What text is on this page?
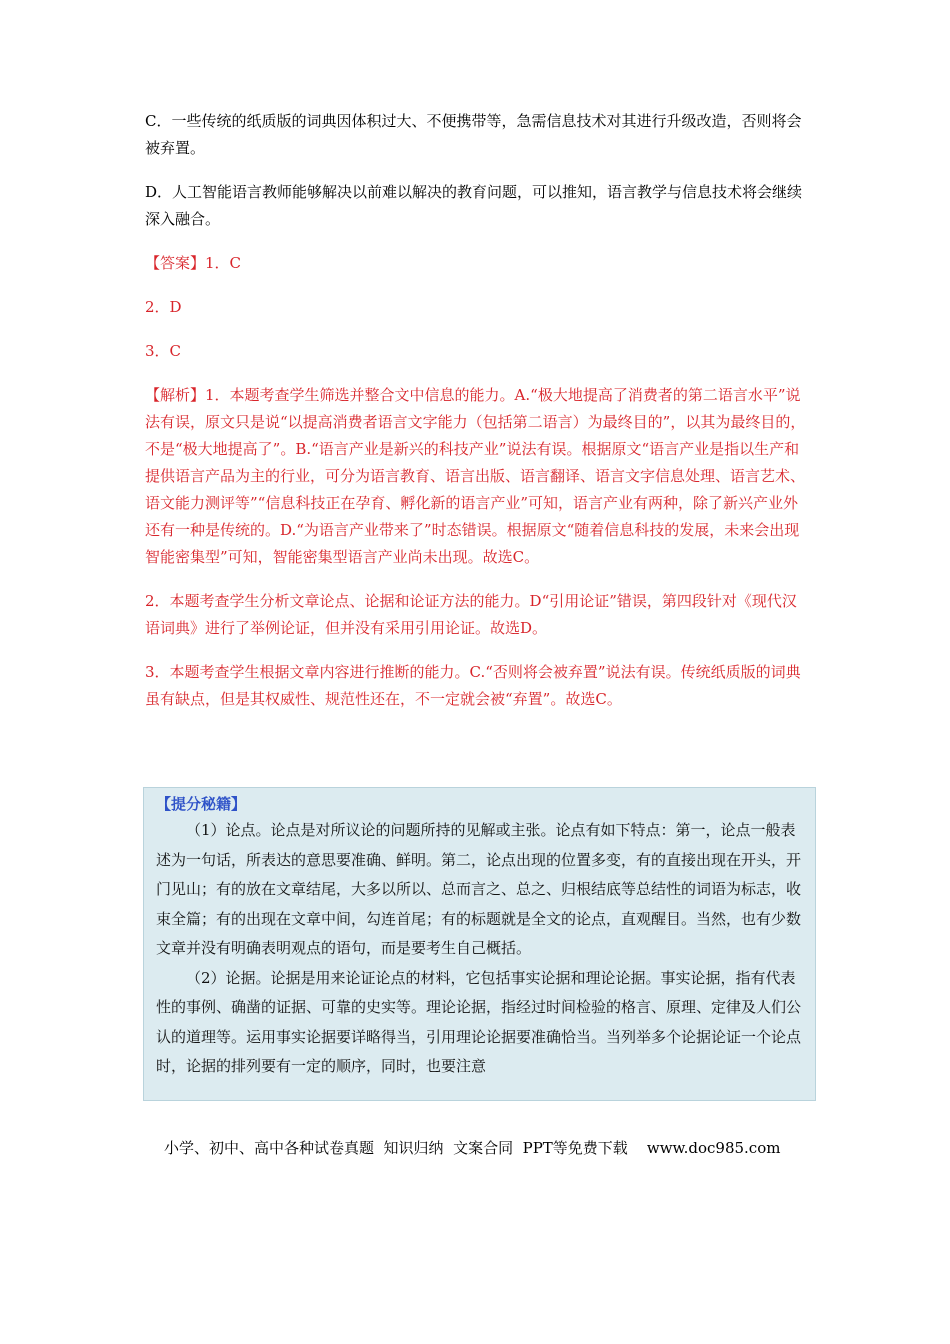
C．一些传统的纸质版的词典因体积过大、不便携带等，急需信息技术对其进行升级改造，否则将会被弃置。

D．人工智能语言教师能够解决以前难以解决的教育问题，可以推知，语言教学与信息技术将会继续深入融合。

【答案】1．C

2．D

3．C

【解析】1．本题考查学生筛选并整合文中信息的能力。A.“极大地提高了消费者的第二语言水平”说法有误，原文只是说“以提高消费者语言文字能力（包括第二语言）为最终目的”，以其为最终目的，不是“极大地提高了”。B.“语言产业是新兴的科技产业”说法有误。根据原文“语言产业是指以生产和提供语言产品为主的行业，可分为语言教育、语言出版、语言翻译、语言文字信息处理、语言艺术、语文能力测评等”“信息科技正在孕育、孵化新的语言产业”可知，语言产业有两种，除了新兴产业外还有一种是传统的。D.“为语言产业带来了”时态错误。根据原文“随着信息科技的发展，未来会出现智能密集型”可知，智能密集型语言产业尚未出现。故选C。

2．本题考查学生分析文章论点、论据和论证方法的能力。D“引用论证”错误，第四段针对《现代汉语词典》进行了举例论证，但并没有采用引用论证。故选D。

3．本题考查学生根据文章内容进行推断的能力。C.“否则将会被弃置”说法有误。传统纸质版的词典虽有缺点，但是其权威性、规范性还在，不一定就会被“弃置”。故选C。

【提分秘籍】

（1）论点。论点是对所议论的问题所持的见解或主张。论点有如下特点：第一，论点一般表述为一句话，所表达的意思要准确、鲜明。第二，论点出现的位置多变，有的直接出现在开头，开门见山；有的放在文章结尾，大多以所以、总而言之、总之、归根结底等总结性的词语为标志，收束全篇；有的出现在文章中间，勾连首尾；有的标题就是全文的论点，直观醒目。当然，也有少数文章并没有明确表明观点的语句，而是要考生自己概括。

（2）论据。论据是用来论证论点的材料，它包括事实论据和理论论据。事实论据，指有代表性的事例、确凿的证据、可靠的史实等。理论论据，指经过时间检验的格言、原理、定律及人们公认的道理等。运用事实论据要详略得当，引用理论论据要准确恰当。当列举多个论据论证一个论点时，论据的排列要有一定的顺序，同时，也要注意

小学、初中、高中各种试卷真题  知识归纳  文案合同  PPT等免费下载    www.doc985.com
